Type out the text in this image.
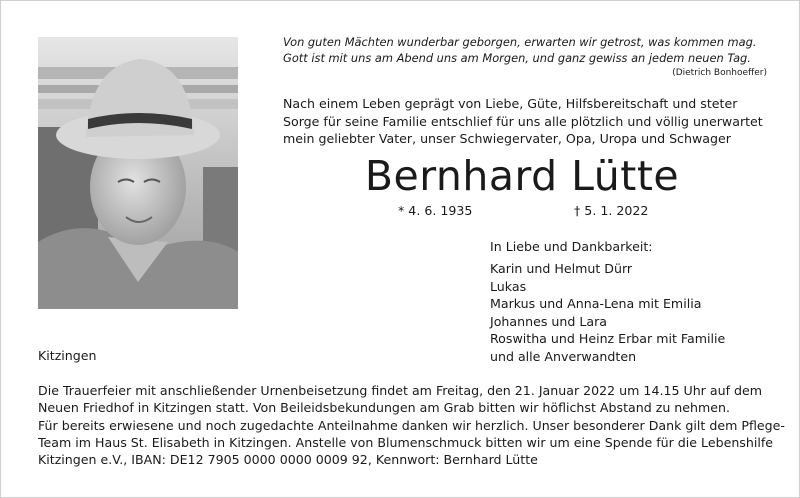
Von guten Mächten wunderbar geborgen, erwarten wir getrost, was kommen mag.
Gott ist mit uns am Abend uns am Morgen, und ganz gewiss an jedem neuen Tag.
(Dietrich Bonhoeffer)
Nach einem Leben geprägt von Liebe, Güte, Hilfsbereitschaft und steter
Sorge für seine Familie entschlief für uns alle plötzlich und völlig unerwartet
mein geliebter Vater, unser Schwiegervater, Opa, Uropa und Schwager
Bernhard Lütte
* 4. 6. 1935	† 5. 1. 2022
In Liebe und Dankbarkeit:
Karin und Helmut Dürr
Lukas
Markus und Anna-Lena mit Emilia
Johannes und Lara
Roswitha und Heinz Erbar mit Familie
und alle Anverwandten
Kitzingen
Die Trauerfeier mit anschließender Urnenbeisetzung findet am Freitag, den 21. Januar 2022 um 14.15 Uhr auf dem
Neuen Friedhof in Kitzingen statt. Von Beileidsbekundungen am Grab bitten wir höflichst Abstand zu nehmen.
Für bereits erwiesene und noch zugedachte Anteilnahme danken wir herzlich. Unser besonderer Dank gilt dem Pflege-
Team im Haus St. Elisabeth in Kitzingen. Anstelle von Blumenschmuck bitten wir um eine Spende für die Lebenshilfe
Kitzingen e.V., IBAN: DE12 7905 0000 0000 0009 92, Kennwort: Bernhard Lütte
